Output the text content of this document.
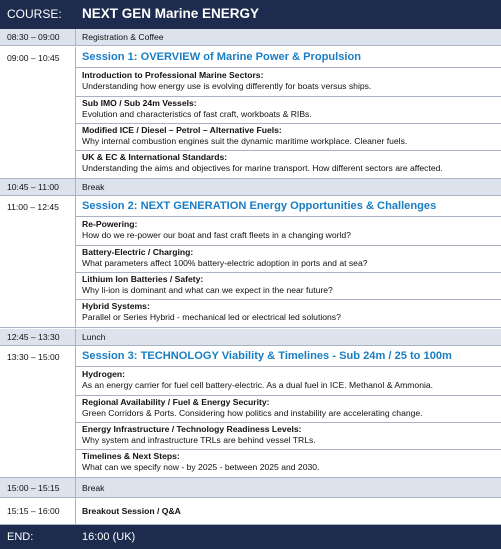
COURSE: NEXT GEN Marine ENERGY
08:30 – 09:00	Registration & Coffee
09:00 – 10:45 Session 1: OVERVIEW of Marine Power & Propulsion
Introduction to Professional Marine Sectors:
Understanding how energy use is evolving differently for boats versus ships.
Sub IMO / Sub 24m Vessels:
Evolution and characteristics of fast craft, workboats & RIBs.
Modified ICE / Diesel – Petrol – Alternative Fuels:
Why internal combustion engines suit the dynamic maritime workplace. Cleaner fuels.
UK & EC & International Standards:
Understanding the aims and objectives for marine transport. How different sectors are affected.
10:45 – 11:00	Break
11:00 – 12:45 Session 2: NEXT GENERATION Energy Opportunities & Challenges
Re-Powering:
How do we re-power our boat and fast craft fleets in a changing world?
Battery-Electric / Charging:
What parameters affect 100% battery-electric adoption in ports and at sea?
Lithium Ion Batteries / Safety:
Why li-ion is dominant and what can we expect in the near future?
Hybrid Systems:
Parallel or Series Hybrid - mechanical led or electrical led solutions?
12:45 – 13:30	Lunch
13:30 – 15:00 Session 3: TECHNOLOGY Viability & Timelines - Sub 24m / 25 to 100m
Hydrogen:
As an energy carrier for fuel cell battery-electric. As a dual fuel in ICE. Methanol & Ammonia.
Regional Availability / Fuel & Energy Security:
Green Corridors & Ports. Considering how politics and instability are accelerating change.
Energy Infrastructure / Technology Readiness Levels:
Why system and infrastructure TRLs are behind vessel TRLs.
Timelines & Next Steps:
What can we specify now - by 2025 - between 2025 and 2030.
15:00 – 15:15	Break
15:15 – 16:00	Breakout Session / Q&A
END:	16:00 (UK)
